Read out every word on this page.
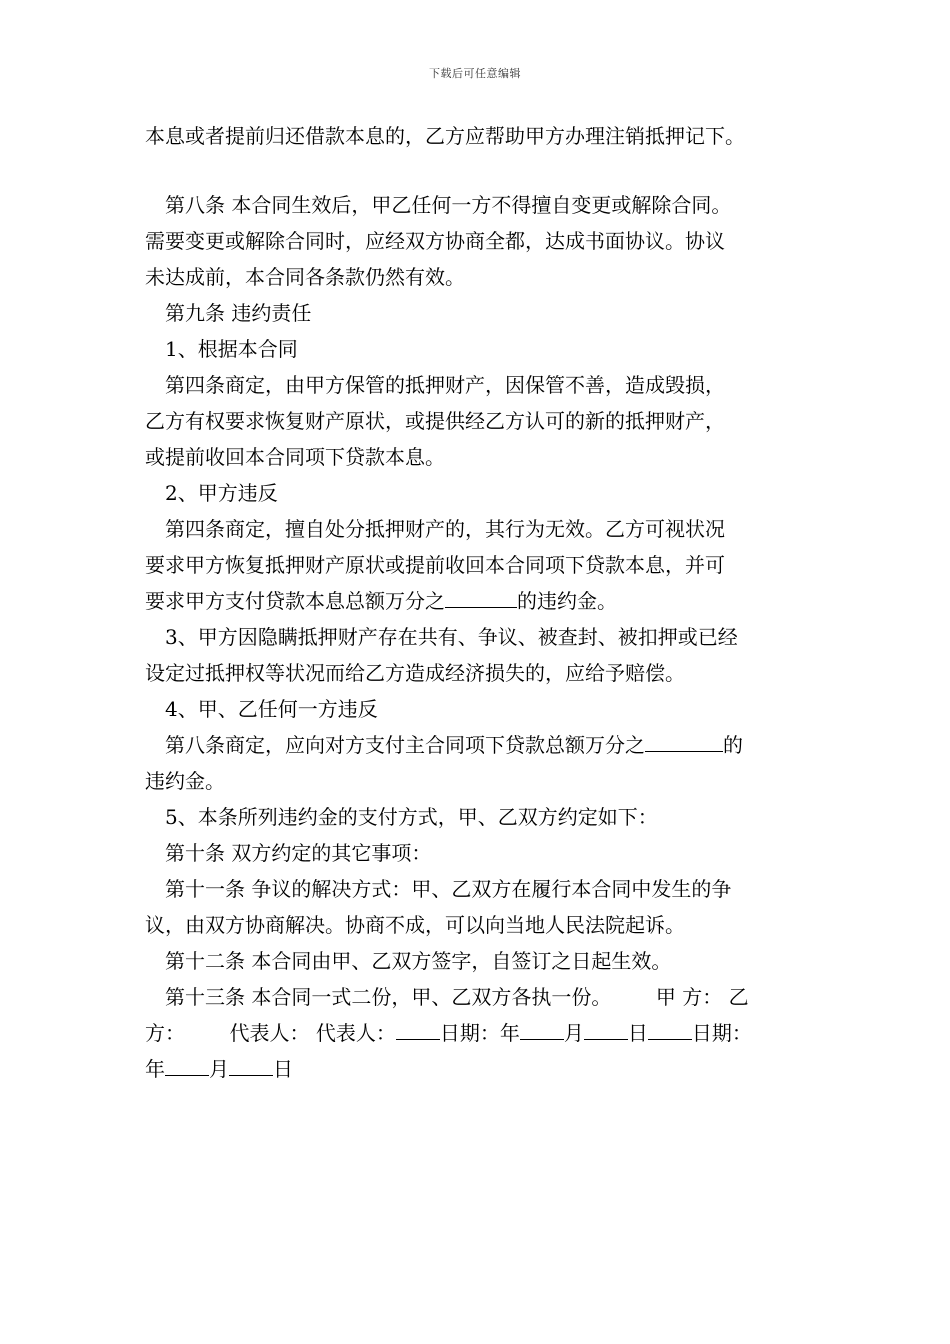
下载后可任意编辑
本息或者提前归还借款本息的，乙方应帮助甲方办理注销抵押记下。
第八条 本合同生效后，甲乙任何一方不得擅自变更或解除合同。
需要变更或解除合同时，应经双方协商全都，达成书面协议。协议
未达成前，本合同各条款仍然有效。
第九条 违约责任
1、根据本合同
第四条商定，由甲方保管的抵押财产，因保管不善，造成毁损，
乙方有权要求恢复财产原状，或提供经乙方认可的新的抵押财产，
或提前收回本合同项下贷款本息。
2、甲方违反
第四条商定，擅自处分抵押财产的，其行为无效。乙方可视状况
要求甲方恢复抵押财产原状或提前收回本合同项下贷款本息，并可
要求甲方支付贷款本息总额万分之	的违约金。
3、甲方因隐瞒抵押财产存在共有、争议、被查封、被扣押或已经
设定过抵押权等状况而给乙方造成经济损失的，应给予赔偿。
4、甲、乙任何一方违反
第八条商定，应向对方支付主合同项下贷款总额万分之	的
违约金。
5、本条所列违约金的支付方式，甲、乙双方约定如下：
第十条 双方约定的其它事项：
第十一条 争议的解决方式：甲、乙双方在履行本合同中发生的争
议，由双方协商解决。协商不成，可以向当地人民法院起诉。
第十二条 本合同由甲、乙双方签字，自签订之日起生效。
第十三条 本合同一式二份，甲、乙双方各执一份。       甲 方： 乙
方：       代表人： 代表人： 日期：年 月 日 日期：
年 月 日
